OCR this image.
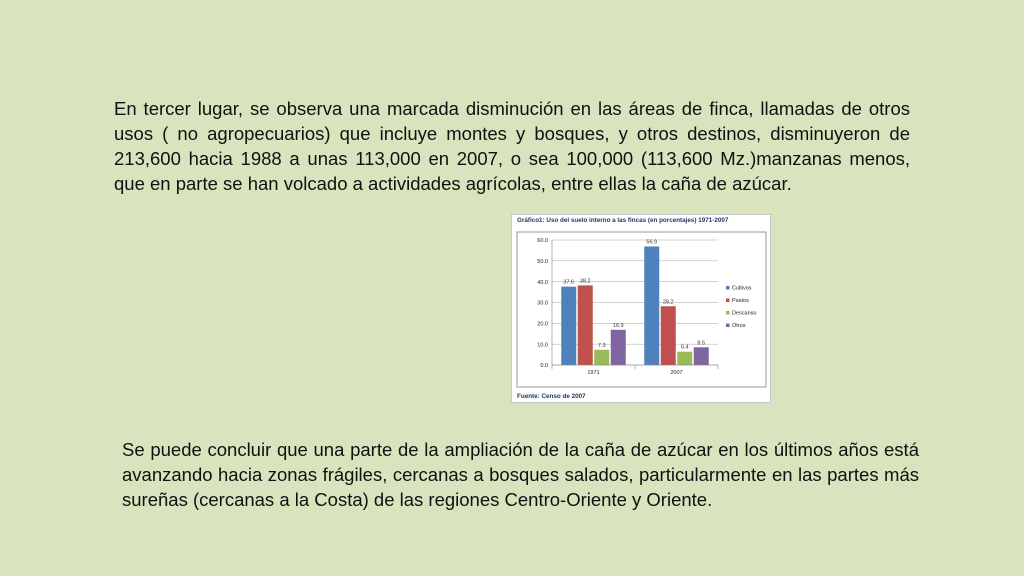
En tercer lugar, se observa una marcada disminución en las áreas de finca, llamadas de otros usos ( no agropecuarios) que incluye montes y bosques, y otros destinos, disminuyeron de 213,600 hacia 1988 a unas 113,000 en 2007, o sea 100,000 (113,600 Mz.)manzanas menos, que en parte se han volcado a actividades agrícolas, entre ellas la caña de azúcar.

Gráfico1: Uso del suelo interno a las fincas (en porcentajes) 1971-2007
0.0
10.0
20.0
30.0
40.0
50.0
60.0
37.6 38.2
7.3
16.9
1971
56.9
28.2
6.4
8.5
2007
Cultivos
Pastos
Descanso
Otros
Fuente: Censo de 2007

Se puede concluir que una parte de la ampliación de la caña de azúcar en los últimos años está avanzando hacia zonas frágiles, cercanas a bosques salados, particularmente en las partes más sureñas (cercanas a la Costa) de las regiones Centro-Oriente y Oriente.
